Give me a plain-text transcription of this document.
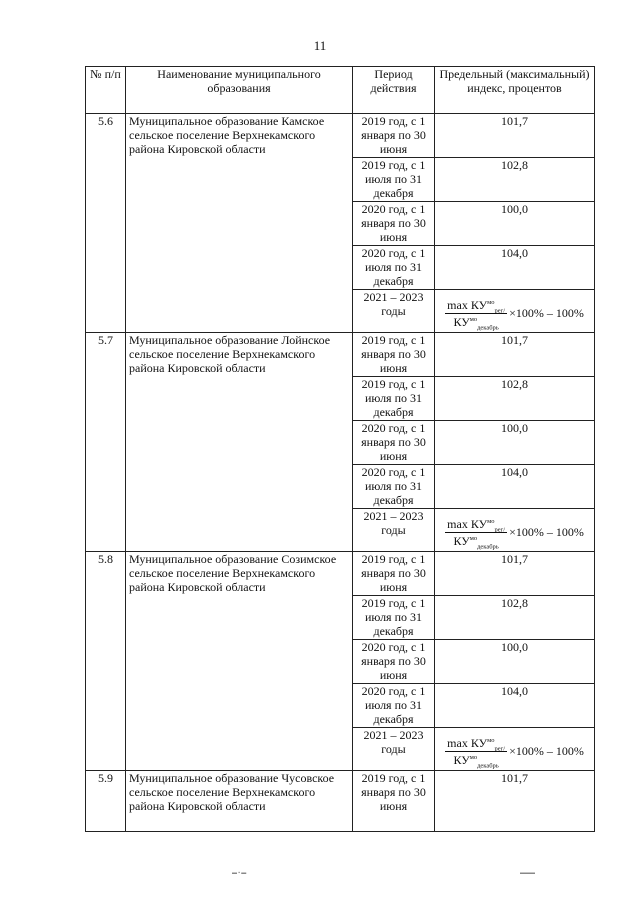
11
№ п/п	Наименование муниципального образования	Период действия	Предельный (максимальный) индекс, процентов
5.6	Муниципальное образование Камское сельское поселение Верхнекамского района Кировской области	2019 год, с 1 января по 30 июня	101,7
		2019 год, с 1 июля по 31 декабря	102,8
		2020 год, с 1 января по 30 июня	100,0
		2020 год, с 1 июля по 31 декабря	104,0
		2021 – 2023 годы	$\frac{\max КУ^{мо}_{рег/}}{КУ^{мо}_{декабрь}} \times 100\% - 100\%$

5.7	Муниципальное образование Лойнское сельское поселение Верхнекамского района Кировской области	2019 год, с 1 января по 30 июня	101,7
		2019 год, с 1 июля по 31 декабря	102,8
		2020 год, с 1 января по 30 июня	100,0
		2020 год, с 1 июля по 31 декабря	104,0
		2021 – 2023 годы	$\frac{\max КУ^{мо}_{рег/}}{КУ^{мо}_{декабрь}} \times 100\% - 100\%$

5.8	Муниципальное образование Созимское сельское поселение Верхнекамского района Кировской области	2019 год, с 1 января по 30 июня	101,7
		2019 год, с 1 июля по 31 декабря	102,8
		2020 год, с 1 января по 30 июня	100,0
		2020 год, с 1 июля по 31 декабря	104,0
		2021 – 2023 годы	$\frac{\max КУ^{мо}_{рег/}}{КУ^{мо}_{декабрь}} \times 100\% - 100\%$

5.9	Муниципальное образование Чусовское сельское поселение Верхнекамского района Кировской области	2019 год, с 1 января по 30 июня	101,7
▬ ▪ ▬	▬▬▬
